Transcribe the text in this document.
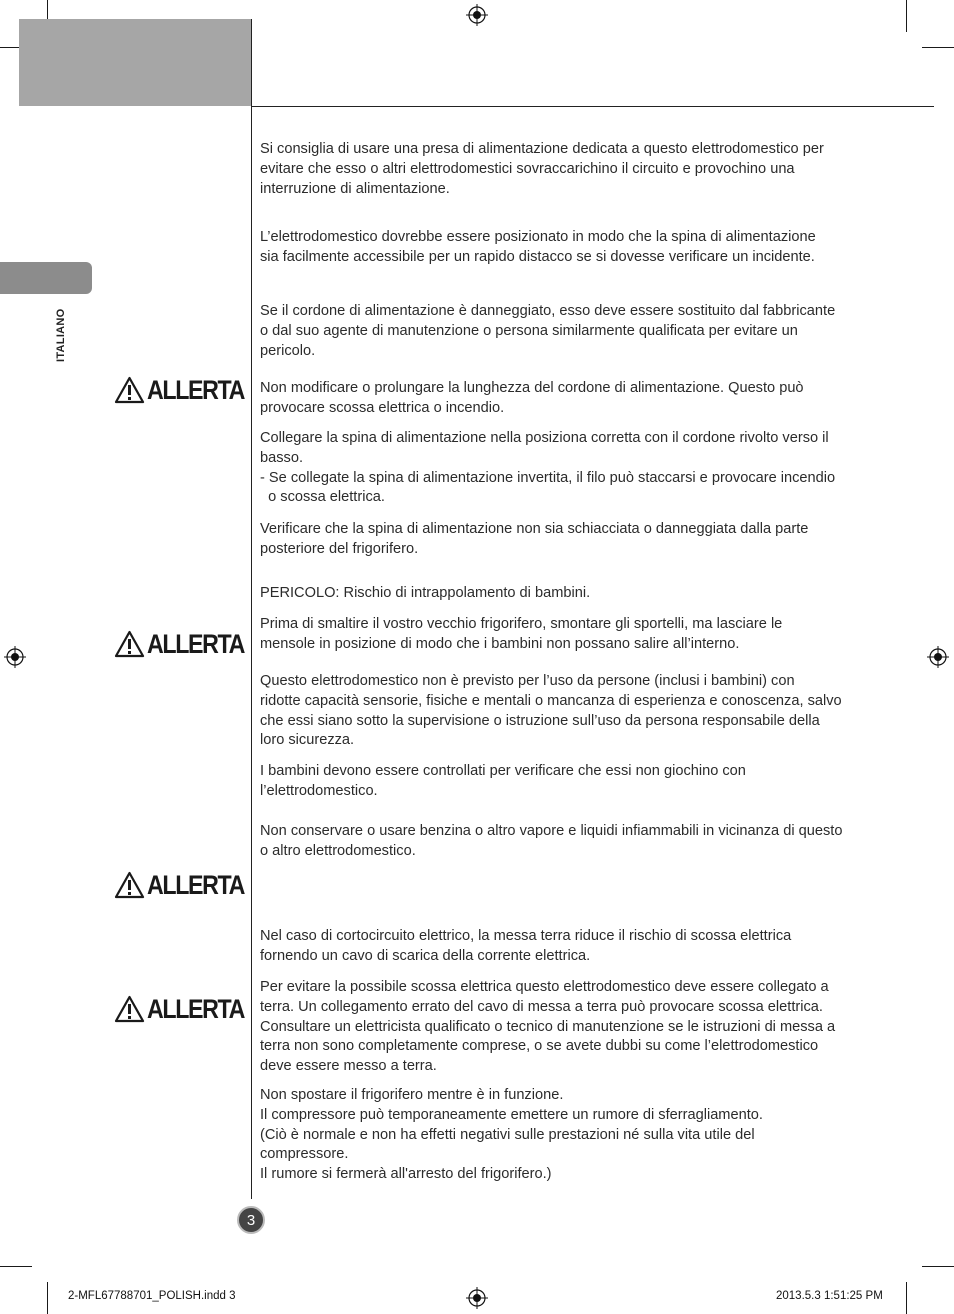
ITALIANO
ALLERTA
ALLERTA
ALLERTA
ALLERTA
Si consiglia di usare una presa di alimentazione dedicata a questo elettrodomestico per
evitare che esso o altri elettrodomestici sovraccarichino il circuito e provochino una
interruzione di alimentazione.
L’elettrodomestico dovrebbe essere posizionato in modo che la spina di alimentazione
sia facilmente accessibile per un rapido distacco se si dovesse verificare un incidente.
Se il cordone di alimentazione è danneggiato, esso deve essere sostituito dal fabbricante
o dal suo agente di manutenzione o persona similarmente qualificata per evitare un
pericolo.
Non modificare o prolungare la lunghezza del cordone di alimentazione. Questo può
provocare scossa elettrica o incendio.
Collegare la spina di alimentazione nella posiziona corretta con il cordone rivolto verso il
basso.
- Se collegate la spina di alimentazione invertita, il filo può staccarsi e provocare incendio
o scossa elettrica.
Verificare che la spina di alimentazione non sia schiacciata o danneggiata dalla parte
posteriore del frigorifero.
PERICOLO: Rischio di intrappolamento di bambini.
Prima di smaltire il vostro vecchio frigorifero, smontare gli sportelli, ma lasciare le
mensole in posizione di modo che i bambini non possano salire all’interno.
Questo elettrodomestico non è previsto per l’uso da persone (inclusi i bambini) con
ridotte capacità sensorie, fisiche e mentali o mancanza di esperienza e conoscenza, salvo
che essi siano sotto la supervisione o istruzione sull’uso da persona responsabile della
loro sicurezza.
I bambini devono essere controllati per verificare che essi non giochino con
l’elettrodomestico.
Non conservare o usare benzina o altro vapore e liquidi infiammabili in vicinanza di questo
o altro elettrodomestico.
Nel caso di cortocircuito elettrico, la messa terra riduce il rischio di scossa elettrica
fornendo un cavo di scarica della corrente elettrica.
Per evitare la possibile scossa elettrica questo elettrodomestico deve essere collegato a
terra. Un collegamento errato del cavo di messa a terra può provocare scossa elettrica.
Consultare un elettricista qualificato o tecnico di manutenzione se le istruzioni di messa a
terra non sono completamente comprese, o se avete dubbi su come l’elettrodomestico
deve essere messo a terra.
Non spostare il frigorifero mentre è in funzione.
Il compressore può temporaneamente emettere un rumore di sferragliamento.
(Ciò è normale e non ha effetti negativi sulle prestazioni né sulla vita utile del
compressore.
Il rumore si fermerà all'arresto del frigorifero.)
3
2-MFL67788701_POLISH.indd 3	2013.5.3 1:51:25 PM
